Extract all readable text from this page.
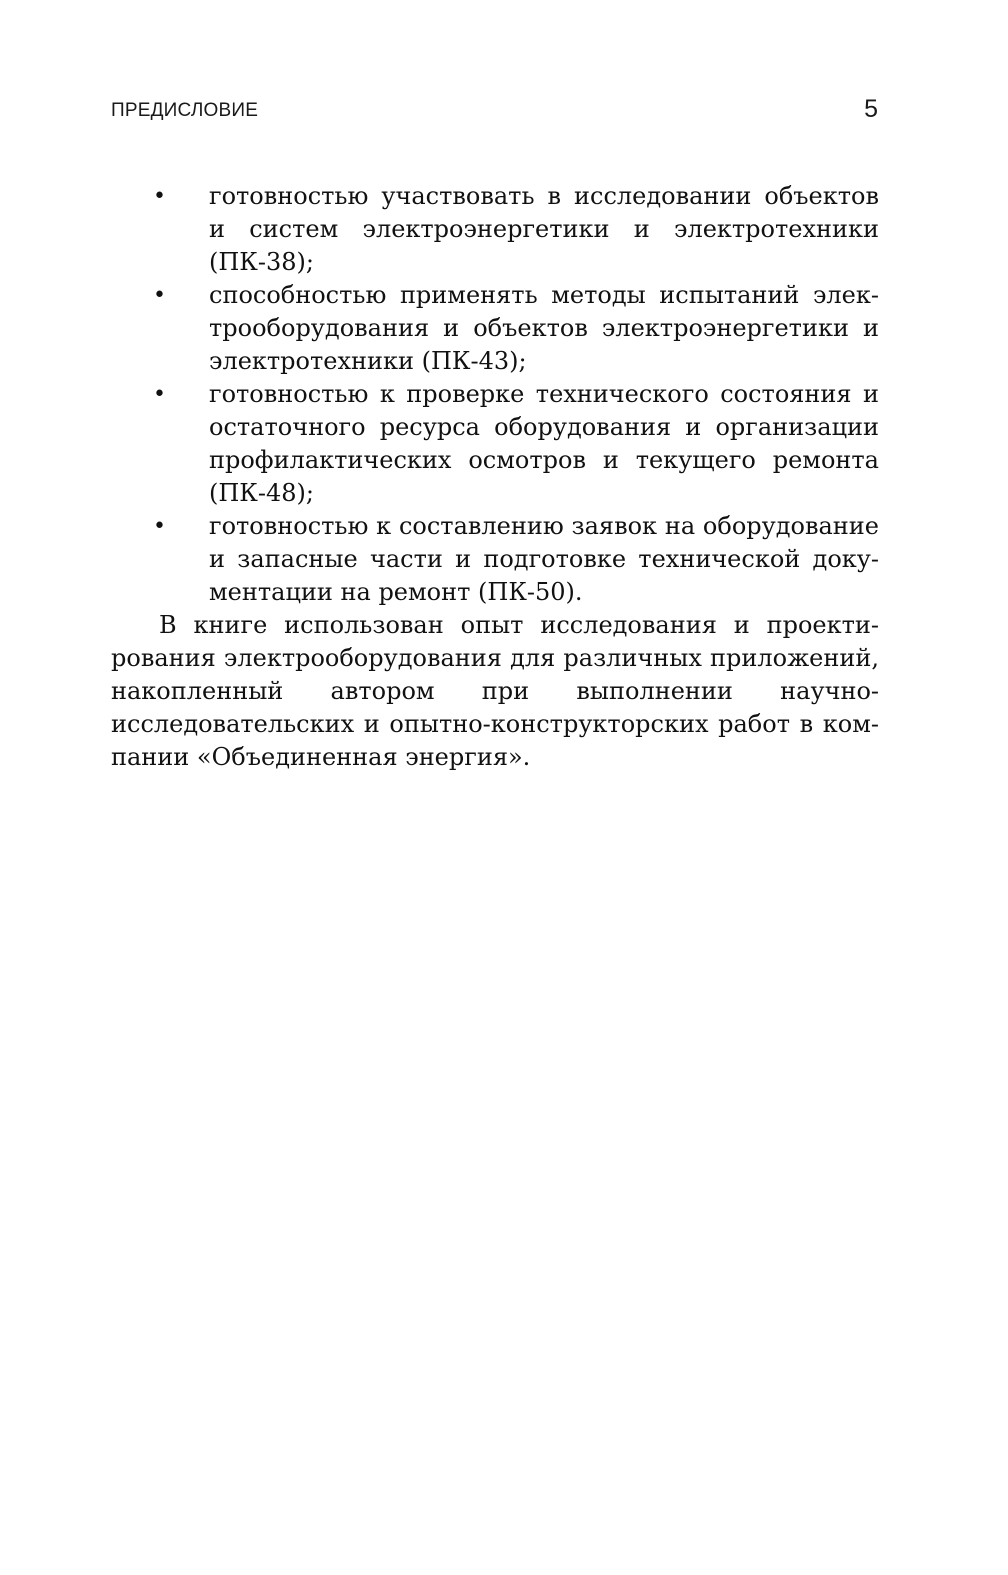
ПРЕДИСЛОВИЕ	5
• готовностью участвовать в исследовании объектов и систем электроэнергетики и электротехники (ПК-38);
• способностью применять методы испытаний электрооборудования и объектов электроэнергетики и электротехники (ПК-43);
• готовностью к проверке технического состояния и остаточного ресурса оборудования и организации профилактических осмотров и текущего ремонта (ПК-48);
• готовностью к составлению заявок на оборудование и запасные части и подготовке технической документации на ремонт (ПК-50).

В книге использован опыт исследования и проектирования электрооборудования для различных приложений, накопленный автором при выполнении научно-исследовательских и опытно-конструкторских работ в компании «Объединенная энергия».
